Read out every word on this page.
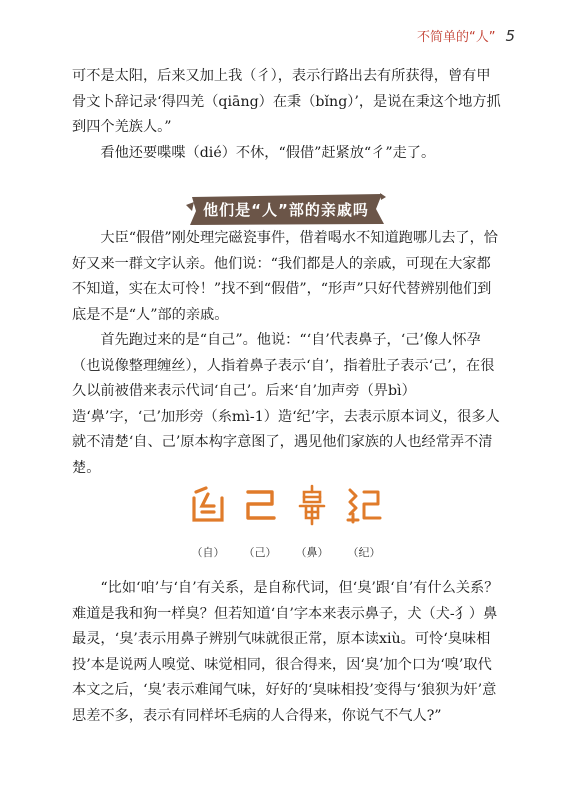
不简单的“人” 5

可不是太阳，后来又加上我（彳），表示行路出去有所获得，曾有甲骨文卜辞记录‘得四羌（qiāng）在秉（bǐng）’，是说在秉这个地方抓到四个羌族人。”

看他还要喋喋（dié）不休，“假借”赶紧放“彳”走了。

他们是“人”部的亲戚吗

大臣“假借”刚处理完磁瓷事件，借着喝水不知道跑哪儿去了，恰好又来一群文字认亲。他们说：“我们都是人的亲戚，可现在大家都不知道，实在太可怜！”找不到“假借”，“形声”只好代替辨别他们到底是不是“人”部的亲戚。

首先跑过来的是“自己”。他说：“‘自’代表鼻子，‘己’像人怀孕（也说像整理缠丝），人指着鼻子表示‘自’，指着肚子表示‘己’，在很久以前被借来表示代词‘自己’。后来‘自’加声旁（畀bì）造‘鼻’字，‘己’加形旁（糸mì-1）造‘纪’字，去表示原本词义，很多人就不清楚‘自、己’原本构字意图了，遇见他们家族的人也经常弄不清楚。

（自）	（己）	（鼻）	（纪）

“比如‘咱’与‘自’有关系，是自称代词，但‘臭’跟‘自’有什么关系？难道是我和狗一样臭？但若知道‘自’字本来表示鼻子，犬（犬-犭）鼻最灵，‘臭’表示用鼻子辨别气味就很正常，原本读xiù。可怜‘臭味相投’本是说两人嗅觉、味觉相同，很合得来，因‘臭’加个口为‘嗅’取代本文之后，‘臭’表示难闻气味，好好的‘臭味相投’变得与‘狼狈为奸’意思差不多，表示有同样坏毛病的人合得来，你说气不气人?”
